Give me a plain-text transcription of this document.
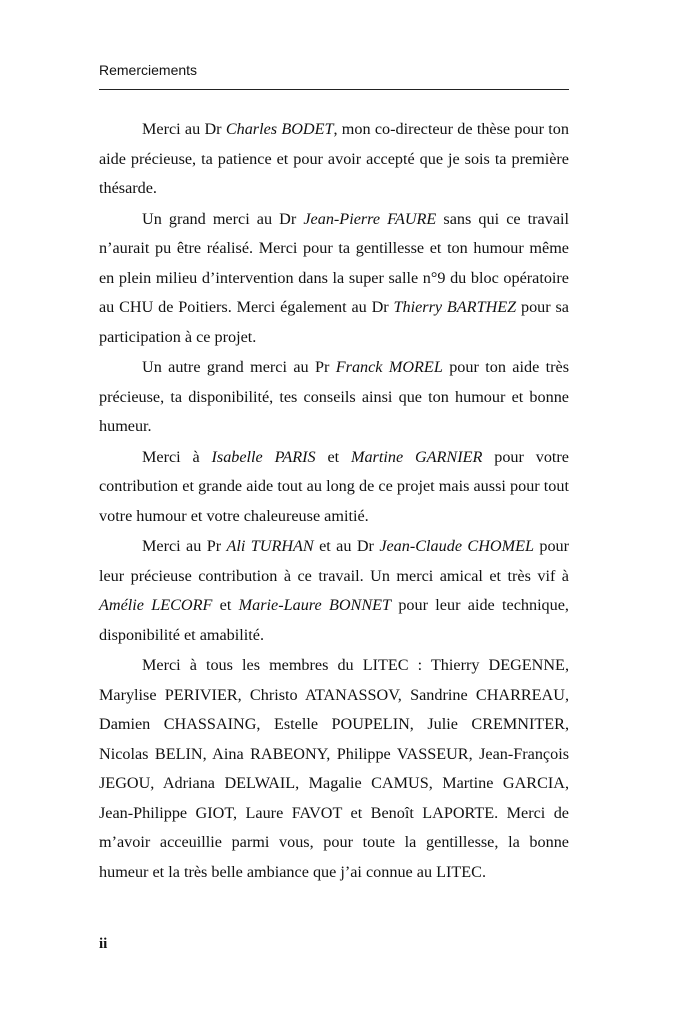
Remerciements

Merci au Dr Charles BODET, mon co-directeur de thèse pour ton aide précieuse, ta patience et pour avoir accepté que je sois ta première thésarde.

Un grand merci au Dr Jean-Pierre FAURE sans qui ce travail n’aurait pu être réalisé. Merci pour ta gentillesse et ton humour même en plein milieu d’intervention dans la super salle n°9 du bloc opératoire au CHU de Poitiers. Merci également au Dr Thierry BARTHEZ pour sa participation à ce projet.

Un autre grand merci au Pr Franck MOREL pour ton aide très précieuse, ta disponibilité, tes conseils ainsi que ton humour et bonne humeur.

Merci à Isabelle PARIS et Martine GARNIER pour votre contribution et grande aide tout au long de ce projet mais aussi pour tout votre humour et votre chaleureuse amitié.

Merci au Pr Ali TURHAN et au Dr Jean-Claude CHOMEL pour leur précieuse contribution à ce travail. Un merci amical et très vif à Amélie LECORF et Marie-Laure BONNET pour leur aide technique, disponibilité et amabilité.

Merci à tous les membres du LITEC : Thierry DEGENNE, Marylise PERIVIER, Christo ATANASSOV, Sandrine CHARREAU, Damien CHASSAING, Estelle POUPELIN, Julie CREMNITER, Nicolas BELIN, Aina RABEONY, Philippe VASSEUR, Jean-François JEGOU, Adriana DELWAIL, Magalie CAMUS, Martine GARCIA, Jean-Philippe GIOT, Laure FAVOT et Benoît LAPORTE. Merci de m’avoir acceuillie parmi vous, pour toute la gentillesse, la bonne humeur et la très belle ambiance que j’ai connue au LITEC.

ii
